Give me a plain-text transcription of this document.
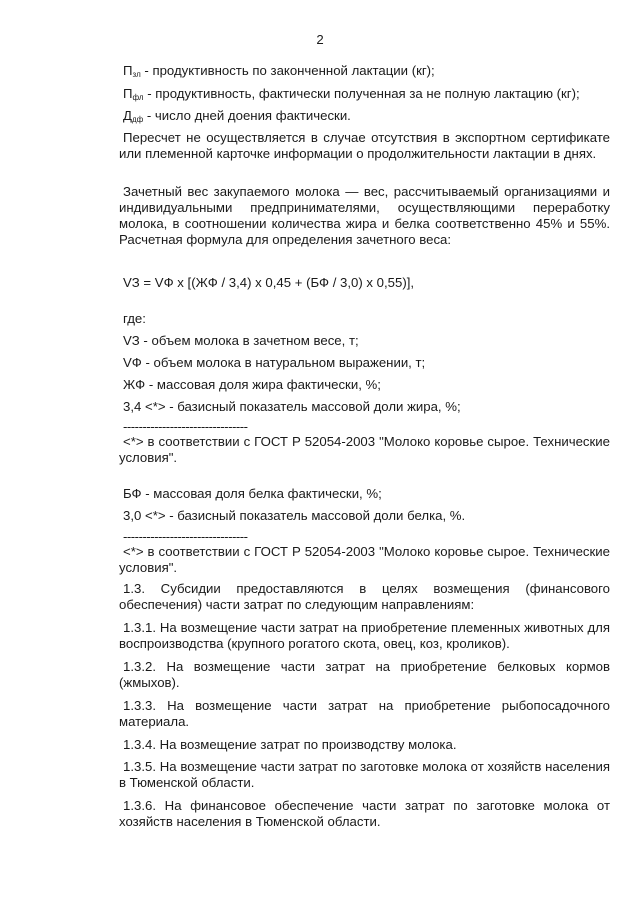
2
$П_{зл}$ - продуктивность по законченной лактации (кг);
$П_{фл}$ - продуктивность, фактически полученная за не полную лактацию (кг);
$Д_{дф}$ - число дней доения фактически.

Пересчет не осуществляется в случае отсутствия в экспортном сертификате или племенной карточке информации о продолжительности лактации в днях.

Зачетный вес закупаемого молока — вес, рассчитываемый организациями и индивидуальными предпринимателями, осуществляющими переработку молока, в соотношении количества жира и белка соответственно 45% и 55%. Расчетная формула для определения зачетного веса:

VЗ = VФ x [(ЖФ / 3,4) x 0,45 + (БФ / 3,0) x 0,55)],

где:

VЗ - объем молока в зачетном весе, т;

VФ - объем молока в натуральном выражении, т;

ЖФ - массовая доля жира фактически, %;

3,4 <*> - базисный показатель массовой доли жира, %;

--------------------------------

<*> в соответствии с ГОСТ Р 52054-2003 "Молоко коровье сырое. Технические условия".

БФ - массовая доля белка фактически, %;

3,0 <*> - базисный показатель массовой доли белка, %.

--------------------------------

<*> в соответствии с ГОСТ Р 52054-2003 "Молоко коровье сырое. Технические условия".

1.3. Субсидии предоставляются в целях возмещения (финансового обеспечения) части затрат по следующим направлениям:

1.3.1. На возмещение части затрат на приобретение племенных животных для воспроизводства (крупного рогатого скота, овец, коз, кроликов).

1.3.2. На возмещение части затрат на приобретение белковых кормов (жмыхов).

1.3.3. На возмещение части затрат на приобретение рыбопосадочного материала.

1.3.4. На возмещение затрат по производству молока.

1.3.5. На возмещение части затрат по заготовке молока от хозяйств населения в Тюменской области.

1.3.6. На финансовое обеспечение части затрат по заготовке молока от хозяйств населения в Тюменской области.
